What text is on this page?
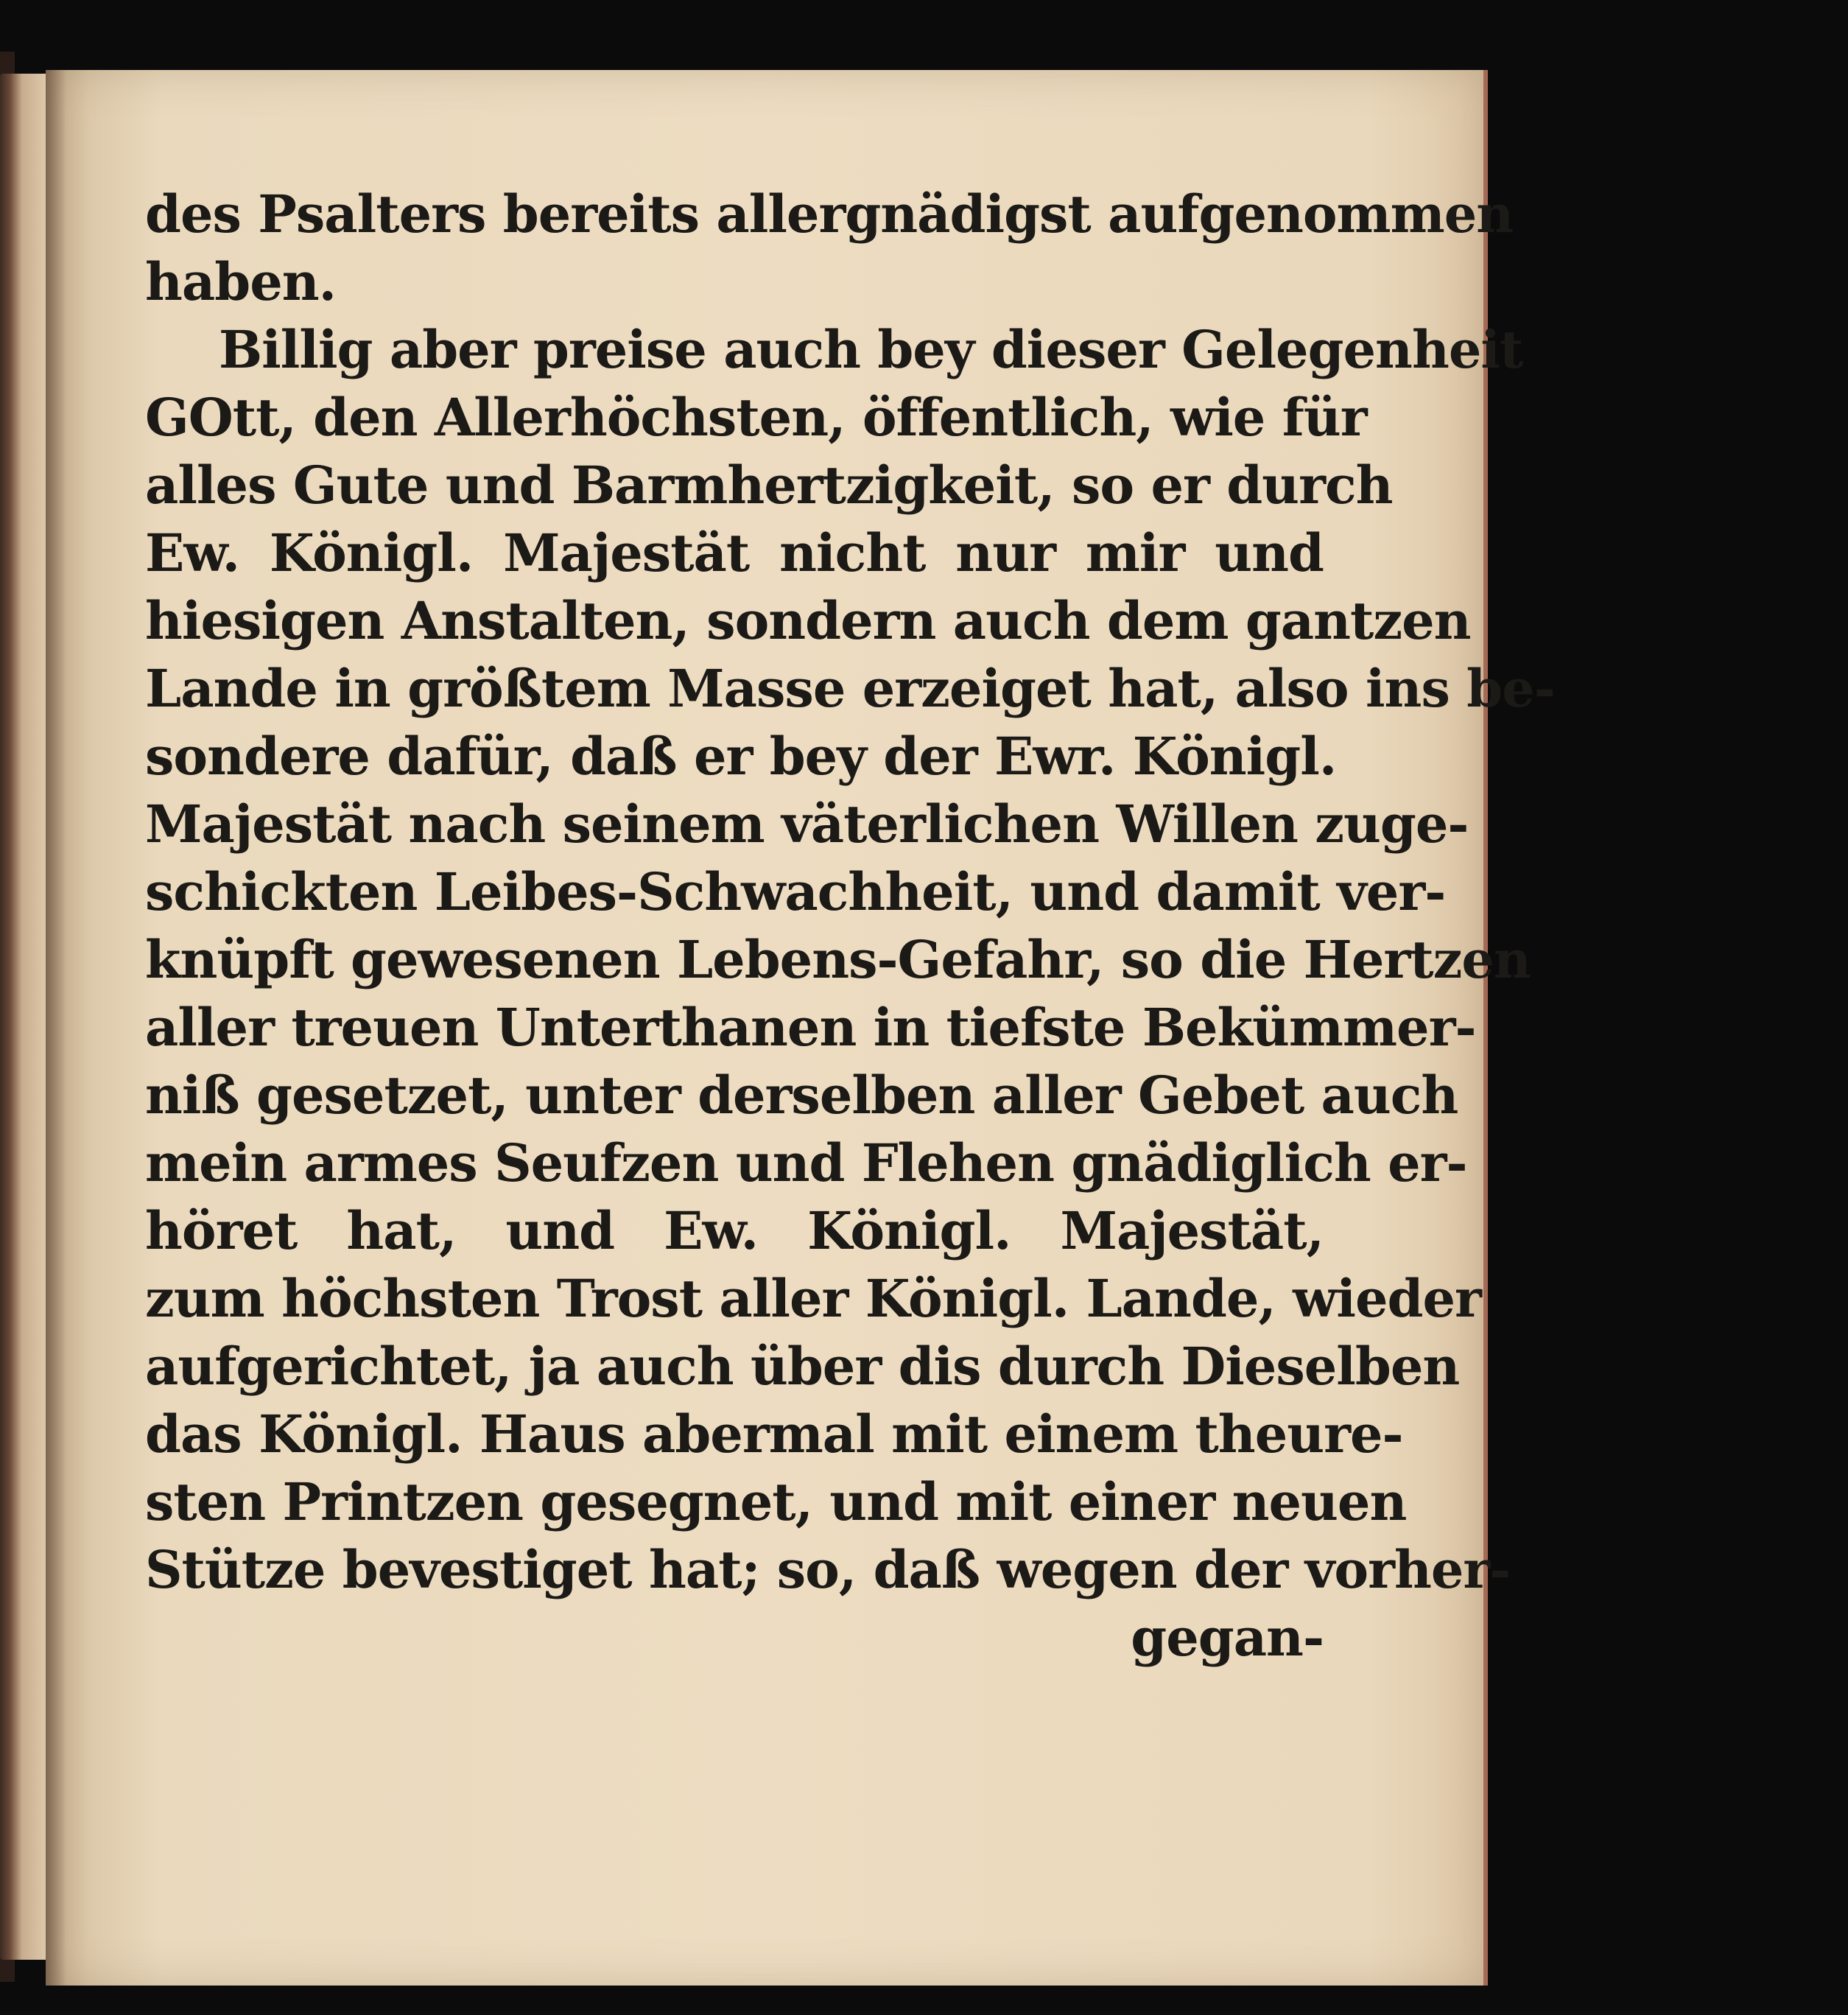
des Psalters bereits allergnädigst aufgenommen
haben.
Billig aber preise auch bey dieser Gelegenheit
GOtt, den Allerhöchsten, öffentlich, wie für
alles Gute und Barmhertzigkeit, so er durch
Ew. Königl. Majestät nicht nur mir und
hiesigen Anstalten, sondern auch dem gantzen
Lande in größtem Masse erzeiget hat, also ins be-
sondere dafür, daß er bey der Ewr. Königl.
Majestät nach seinem väterlichen Willen zuge-
schickten Leibes-Schwachheit, und damit ver-
knüpft gewesenen Lebens-Gefahr, so die Hertzen
aller treuen Unterthanen in tiefste Bekümmer-
niß gesetzet, unter derselben aller Gebet auch
mein armes Seufzen und Flehen gnädiglich er-
höret hat, und Ew. Königl. Majestät,
zum höchsten Trost aller Königl. Lande, wieder
aufgerichtet, ja auch über dis durch Dieselben
das Königl. Haus abermal mit einem theure-
sten Printzen gesegnet, und mit einer neuen
Stütze bevestiget hat; so, daß wegen der vorher-
gegan-
